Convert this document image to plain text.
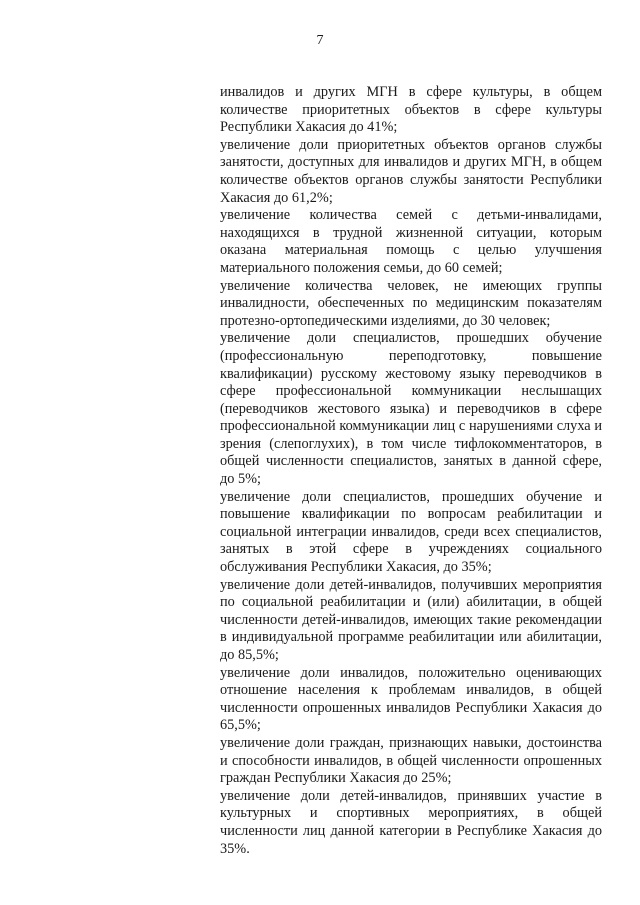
7

инвалидов и других МГН в сфере культуры, в общем количестве приоритетных объектов в сфере культуры Республики Хакасия до 41%;

увеличение доли приоритетных объектов органов службы занятости, доступных для инвалидов и других МГН, в общем количестве объектов органов службы занятости Республики Хакасия до 61,2%;

увеличение количества семей с детьми-инвалидами, находящихся в трудной жизненной ситуации, которым оказана материальная помощь с целью улучшения материального положения семьи, до 60 семей;

увеличение количества человек, не имеющих группы инвалидности, обеспеченных по медицинским показателям протезно-ортопедическими изделиями, до 30 человек;

увеличение доли специалистов, прошедших обучение (профессиональную переподготовку, повышение квалификации) русскому жестовому языку переводчиков в сфере профессиональной коммуникации неслышащих (переводчиков жестового языка) и переводчиков в сфере профессиональной коммуникации лиц с нарушениями слуха и зрения (слепоглухих), в том числе тифлокомментаторов, в общей численности специалистов, занятых в данной сфере, до 5%;

увеличение доли специалистов, прошедших обучение и повышение квалификации по вопросам реабилитации и социальной интеграции инвалидов, среди всех специалистов, занятых в этой сфере в учреждениях социального обслуживания Республики Хакасия, до 35%;

увеличение доли детей-инвалидов, получивших мероприятия по социальной реабилитации и (или) абилитации, в общей численности детей-инвалидов, имеющих такие рекомендации в индивидуальной программе реабилитации или абилитации, до 85,5%;

увеличение доли инвалидов, положительно оценивающих отношение населения к проблемам инвалидов, в общей численности опрошенных инвалидов Республики Хакасия до 65,5%;

увеличение доли граждан, признающих навыки, достоинства и способности инвалидов, в общей численности опрошенных граждан Республики Хакасия до 25%;

увеличение доли детей-инвалидов, принявших участие в культурных и спортивных мероприятиях, в общей численности лиц данной категории в Республике Хакасия до 35%.
